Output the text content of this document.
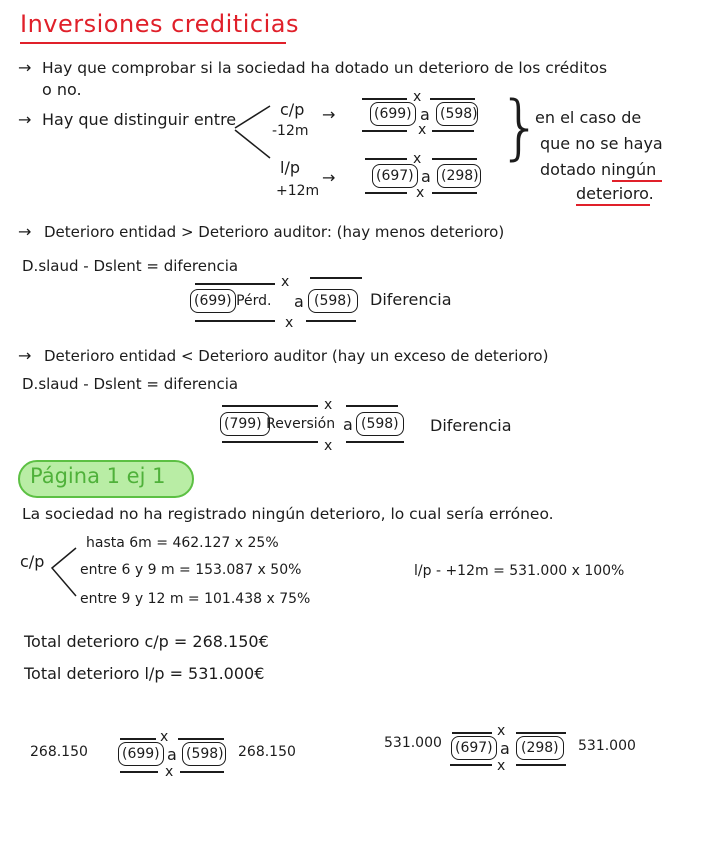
Inversiones crediticias
→ Hay que comprobar si la sociedad ha dotado un deterioro de los créditos
o no.
→ Hay que distinguir entre
c/p
-12m
→
x
(699) a (598)
x
l/p
+12m
→
x
(697) a (298)
x
}
en el caso de
que no se haya
dotado ningún
deterioro.
→ Deterioro entidad > Deterioro auditor: (hay menos deterioro)
D.slaud - Dslent = diferencia
x
(699) Pérd. a (598) Diferencia
x
→ Deterioro entidad < Deterioro auditor (hay un exceso de deterioro)
D.slaud - Dslent = diferencia
x
(799) Reversión a (598) Diferencia
x
Página 1 ej 1
La sociedad no ha registrado ningún deterioro, lo cual sería erróneo.
c/p
hasta 6m = 462.127 x 25%
entre 6 y 9 m = 153.087 x 50%
entre 9 y 12 m = 101.438 x 75%
l/p - +12m = 531.000 x 100%
Total deterioro c/p = 268.150€
Total deterioro l/p = 531.000€
268.150
x
(699) a (598) 268.150
x
531.000
x
(697) a (298) 531.000
x
